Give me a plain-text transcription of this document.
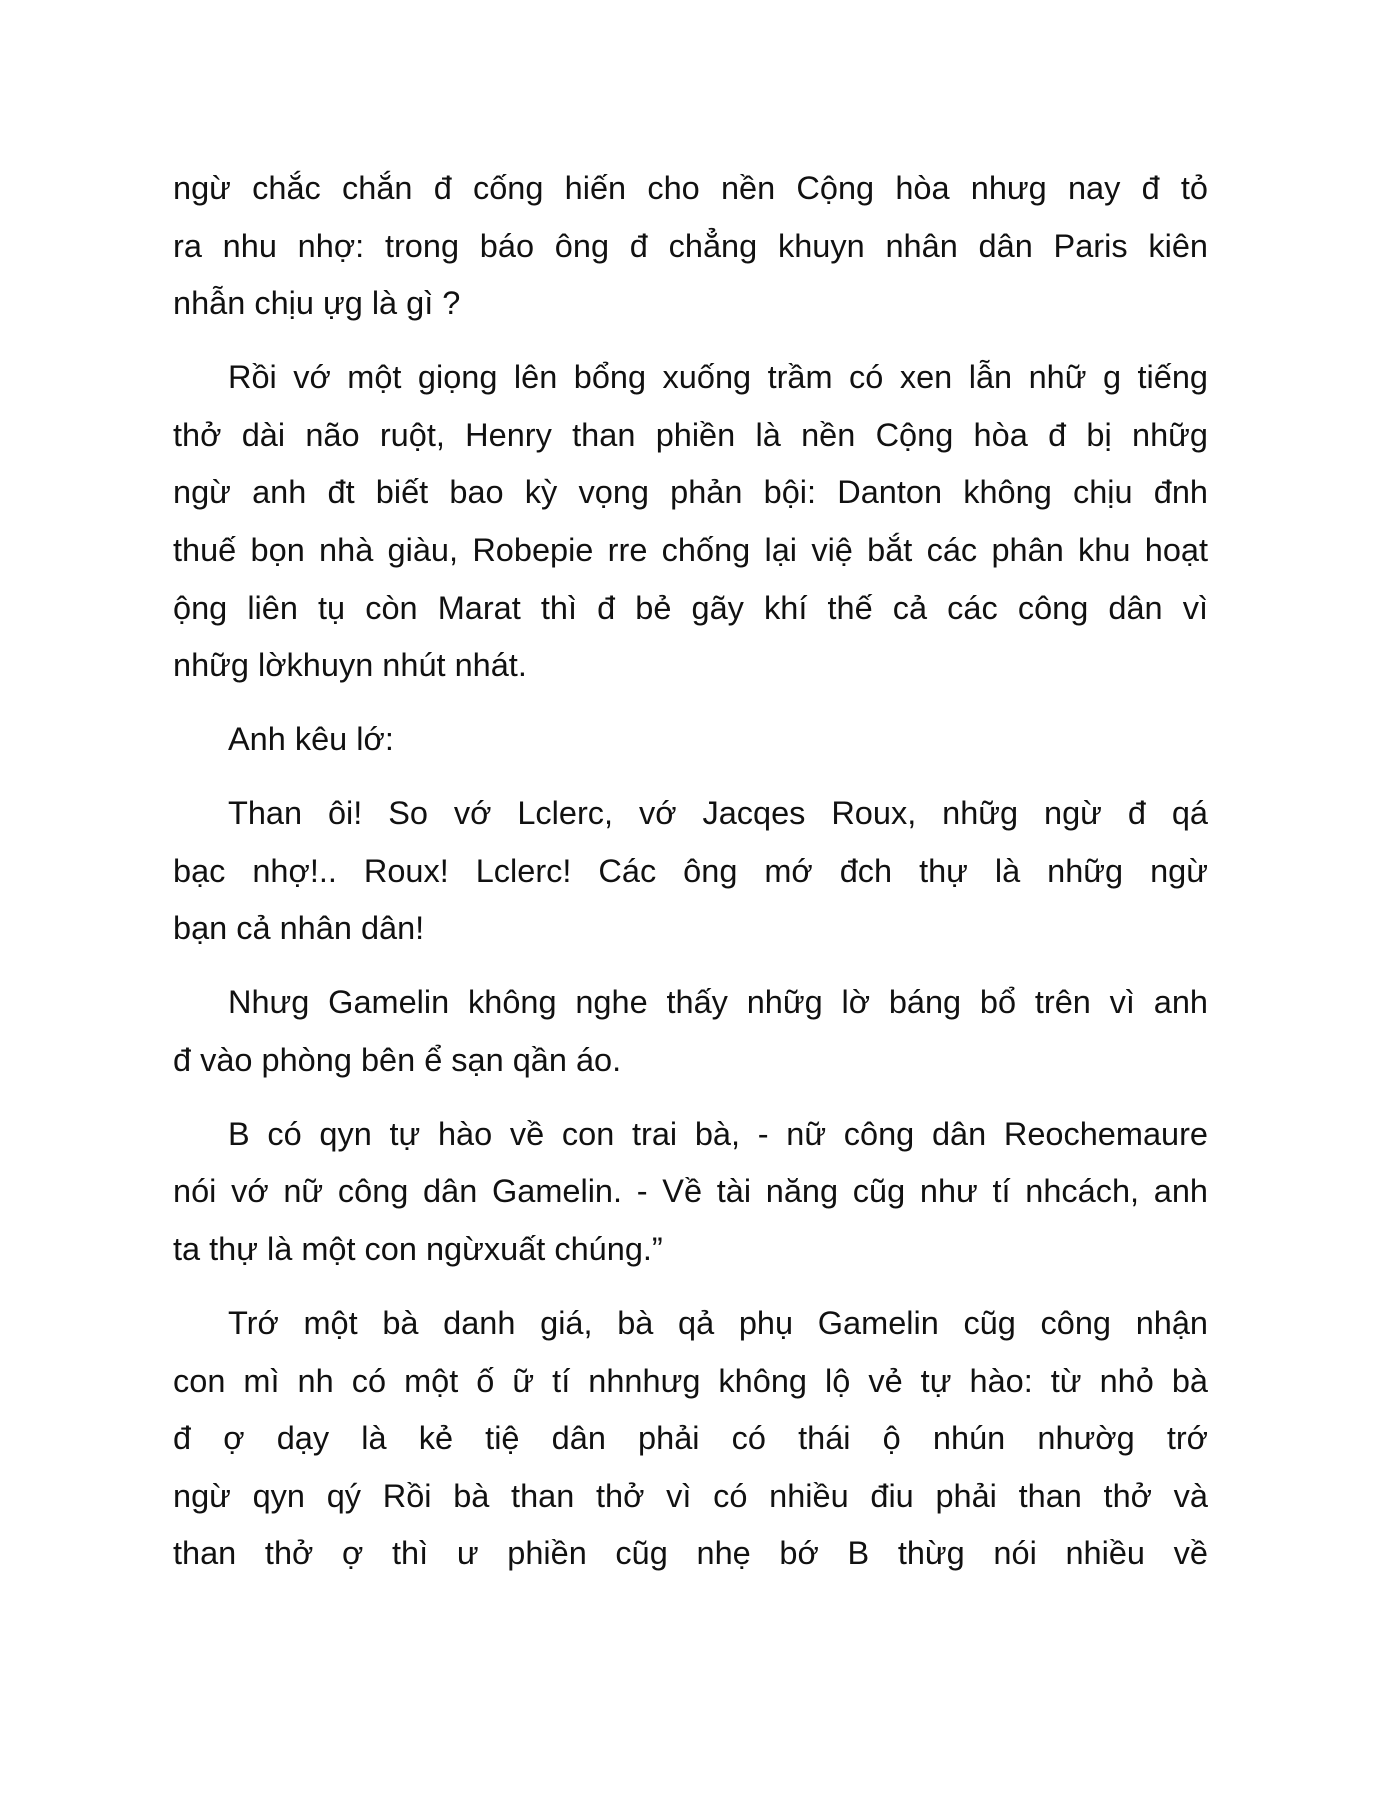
ngừ chắc chắn đ cống hiến cho nền Cộng hòa nhưg nay đ tỏ
ra nhu nhợ: trong báo ông đ chẳng khuyn nhân dân Paris kiên
nhẫn chịu ựg là gì ?
Rồi vớ một giọng lên bổng xuống trầm có xen lẫn nhữ g tiếng
thở dài não ruột, Henry than phiền là nền Cộng hòa đ bị nhữg
ngừ anh đt biết bao kỳ vọng phản bội: Danton không chịu đnh
thuế bọn nhà giàu, Robepie rre chống lại việ bắt các phân khu hoạt
ộng liên tụ còn Marat thì đ bẻ gãy khí thế cả các công dân vì
nhữg lờkhuyn nhút nhát.
Anh kêu lớ:
Than ôi! So vớ Lclerc, vớ Jacqes Roux, nhữg ngừ đ qá
bạc nhợ!.. Roux! Lclerc! Các ông mớ đch thự là nhữg ngừ
bạn cả nhân dân!
Nhưg Gamelin không nghe thấy nhữg lờ báng bổ trên vì anh
đ vào phòng bên ể sạn qần áo.
B có qyn tự hào về con trai bà, - nữ công dân Reochemaure
nói vớ nữ công dân Gamelin. - Về tài năng cũg như tí nhcách, anh
ta thự là một con ngừxuất chúng.”
Trớ một bà danh giá, bà qả phụ Gamelin cũg công nhận
con mì nh có một ố ữ tí nhnhưg không lộ vẻ tự hào: từ nhỏ bà
đ ợ dạy là kẻ tiệ dân phải có thái ộ nhún nhườg trớ
ngừ qyn qý Rồi bà than thở vì có nhiều điu phải than thở và
than thở ợ thì ư phiền cũg nhẹ bớ B thừg nói nhiều về
